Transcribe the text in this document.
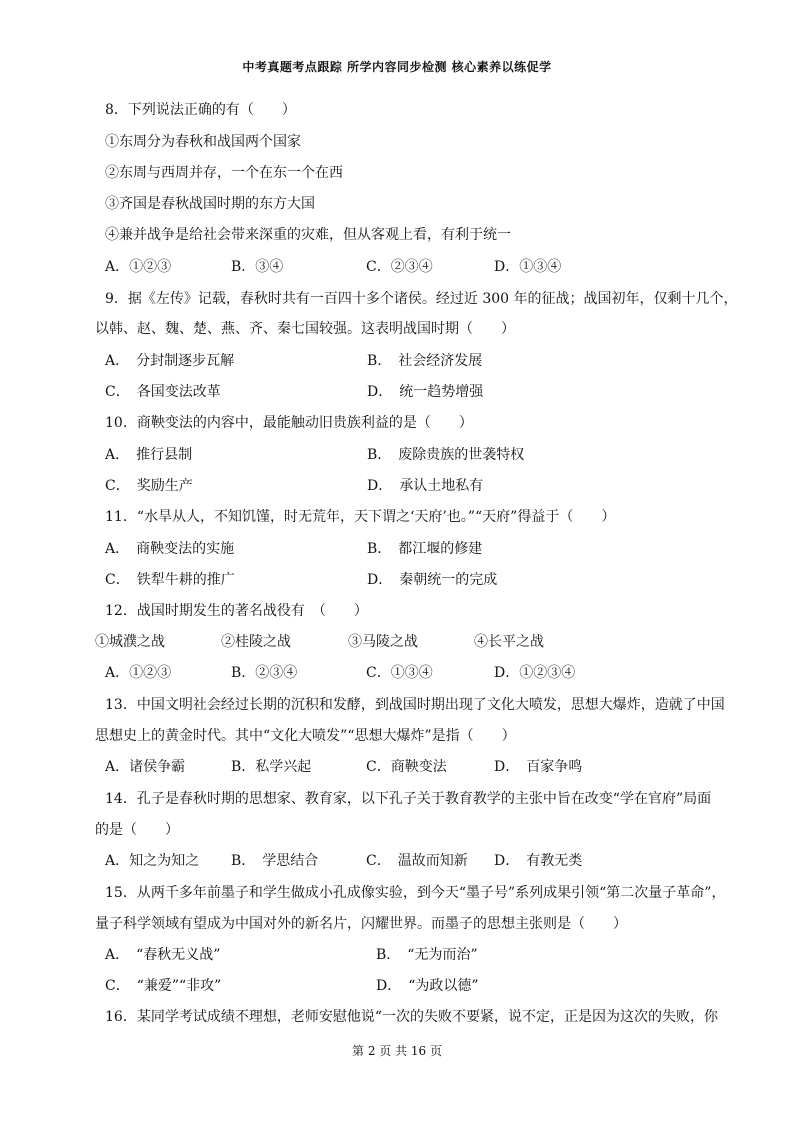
中考真题考点跟踪 所学内容同步检测 核心素养以练促学
8．下列说法正确的有（　　）
①东周分为春秋和战国两个国家
②东周与西周并存，一个在东一个在西
③齐国是春秋战国时期的东方大国
④兼并战争是给社会带来深重的灾难，但从客观上看，有利于统一
A．①②③	B．③④	C．②③④	D．①③④
9．据《左传》记载，春秋时共有一百四十多个诸侯。经过近 300 年的征战；战国初年，仅剩十几个，
以韩、赵、魏、楚、燕、齐、秦七国较强。这表明战国时期（　　）
A．　分封制逐步瓦解	B．　社会经济发展
C．　各国变法改革	D．　统一趋势增强
10．商鞅变法的内容中，最能触动旧贵族利益的是（　　）
A．　推行县制	B．　废除贵族的世袭特权
C．　奖励生产	D．　承认土地私有
11．“水旱从人，不知饥馑，时无荒年，天下谓之‘天府’也。”“天府”得益于（　　）
A．　商鞅变法的实施	B．　都江堰的修建
C．　铁犁牛耕的推广	D．　秦朝统一的完成
12．战国时期发生的著名战役有　（　　）
①城濮之战	②桂陵之战	③马陵之战	④长平之战
A．①②③	B．②③④	C．①③④	D．①②③④
13．中国文明社会经过长期的沉积和发酵，到战国时期出现了文化大喷发，思想大爆炸，造就了中国
思想史上的黄金时代。其中“文化大喷发”“思想大爆炸”是指（　　）
A．诸侯争霸	B．私学兴起	C．商鞅变法	D．　百家争鸣
14．孔子是春秋时期的思想家、教育家，以下孔子关于教育教学的主张中旨在改变“学在官府”局面
的是（　　）
A．知之为知之 B．　学思结合	C．　温故而知新 D．　有教无类
15．从两千多年前墨子和学生做成小孔成像实验，到今天“墨子号”系列成果引领“第二次量子革命”，
量子科学领域有望成为中国对外的新名片，闪耀世界。而墨子的思想主张则是（　　）
A．　“春秋无义战”	B．　“无为而治”
C．　“兼爱”“非攻”	D．　“为政以德”
16．某同学考试成绩不理想，老师安慰他说“一次的失败不要紧，说不定，正是因为这次的失败，你
第 2 页 共 16 页
